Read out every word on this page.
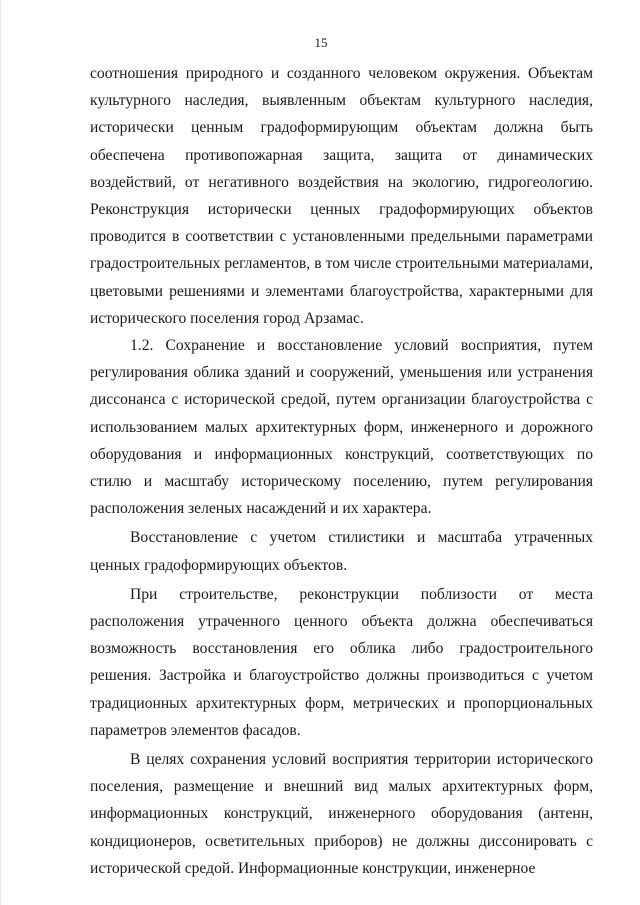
15

соотношения природного и созданного человеком окружения. Объектам культурного наследия, выявленным объектам культурного наследия, исторически ценным градоформирующим объектам должна быть обеспечена противопожарная защита, защита от динамических воздействий, от негативного воздействия на экологию, гидрогеологию. Реконструкция исторически ценных градоформирующих объектов проводится в соответствии с установленными предельными параметрами градостроительных регламентов, в том числе строительными материалами, цветовыми решениями и элементами благоустройства, характерными для исторического поселения город Арзамас.

1.2. Сохранение и восстановление условий восприятия, путем регулирования облика зданий и сооружений, уменьшения или устранения диссонанса с исторической средой, путем организации благоустройства с использованием малых архитектурных форм, инженерного и дорожного оборудования и информационных конструкций, соответствующих по стилю и масштабу историческому поселению, путем регулирования расположения зеленых насаждений и их характера.

Восстановление с учетом стилистики и масштаба утраченных ценных градоформирующих объектов.

При строительстве, реконструкции поблизости от места расположения утраченного ценного объекта должна обеспечиваться возможность восстановления его облика либо градостроительного решения. Застройка и благоустройство должны производиться с учетом традиционных архитектурных форм, метрических и пропорциональных параметров элементов фасадов.

В целях сохранения условий восприятия территории исторического поселения, размещение и внешний вид малых архитектурных форм, информационных конструкций, инженерного оборудования (антенн, кондиционеров, осветительных приборов) не должны диссонировать с исторической средой. Информационные конструкции, инженерное
